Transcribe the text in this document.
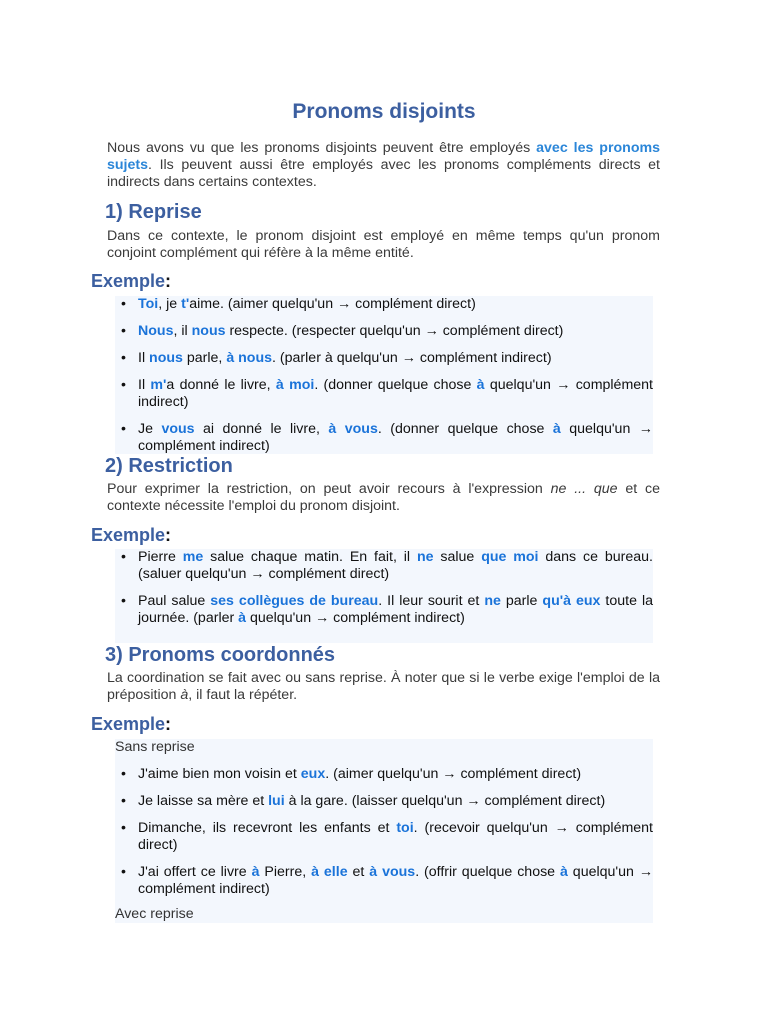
Pronoms disjoints

Nous avons vu que les pronoms disjoints peuvent être employés avec les pronoms sujets. Ils peuvent aussi être employés avec les pronoms compléments directs et indirects dans certains contextes.

1) Reprise

Dans ce contexte, le pronom disjoint est employé en même temps qu'un pronom conjoint complément qui réfère à la même entité.

Exemple:
• Toi, je t'aime. (aimer quelqu'un → complément direct)
• Nous, il nous respecte. (respecter quelqu'un → complément direct)
• Il nous parle, à nous. (parler à quelqu'un → complément indirect)
• Il m'a donné le livre, à moi. (donner quelque chose à quelqu'un → complément indirect)
• Je vous ai donné le livre, à vous. (donner quelque chose à quelqu'un → complément indirect)
2) Restriction

Pour exprimer la restriction, on peut avoir recours à l'expression ne ... que et ce contexte nécessite l'emploi du pronom disjoint.

Exemple:
• Pierre me salue chaque matin. En fait, il ne salue que moi dans ce bureau. (saluer quelqu'un → complément direct)
• Paul salue ses collègues de bureau. Il leur sourit et ne parle qu'à eux toute la journée. (parler à quelqu'un → complément indirect)
3) Pronoms coordonnés

La coordination se fait avec ou sans reprise. À noter que si le verbe exige l'emploi de la préposition à, il faut la répéter.

Exemple:
Sans reprise
• J'aime bien mon voisin et eux. (aimer quelqu'un → complément direct)
• Je laisse sa mère et lui à la gare. (laisser quelqu'un → complément direct)
• Dimanche, ils recevront les enfants et toi. (recevoir quelqu'un → complément direct)
• J'ai offert ce livre à Pierre, à elle et à vous. (offrir quelque chose à quelqu'un → complément indirect)
Avec reprise
